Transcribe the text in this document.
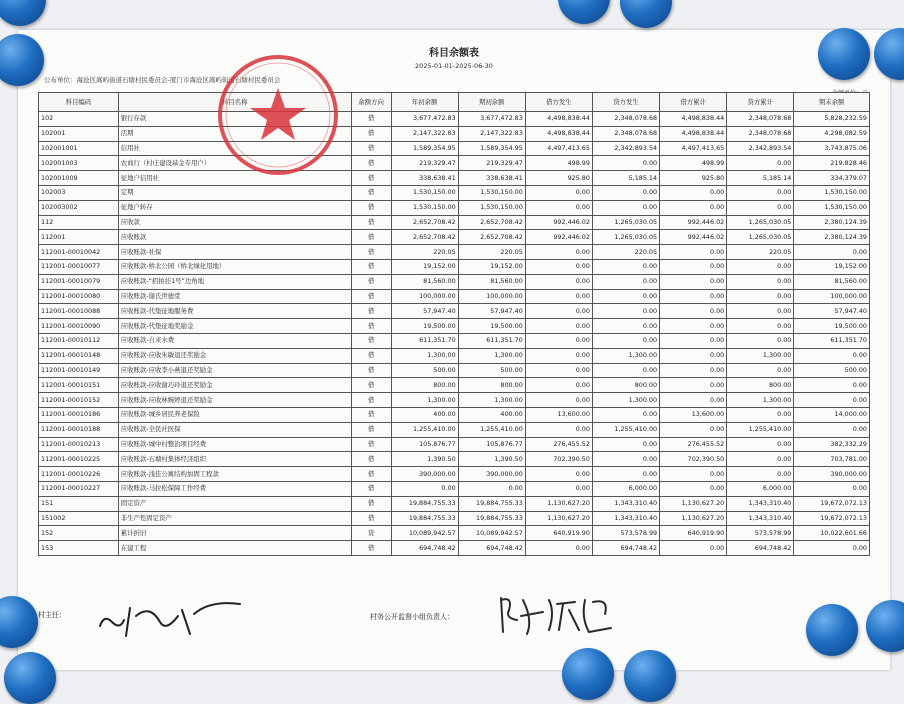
科目余额表
2025-01-01-2025-06-30
公布单位：海沧区嵩屿街道石塘村民委员会-厦门市海沧区嵩屿街道石塘村民委员会
科目编码	科目名称	余额方向	年初余额	期初余额	借方发生	贷方发生	借方累计	贷方累计	期末余额
102	银行存款	借	3,677,472.83	3,677,472.83	4,498,838.44	2,348,078.68	4,498,838.44	2,348,078.68	5,828,232.59
102001	活期	借	2,147,322.83	2,147,322.83	4,498,838.44	2,348,078.68	4,498,838.44	2,348,078.68	4,298,082.59
102001001	信用社	借	1,589,354.95	1,589,354.95	4,497,413.65	2,342,893.54	4,497,413.65	2,342,893.54	3,743,875.06
102001003	农商行（村庄建设基金专用户）	借	219,329.47	219,329.47	498.99	0.00	498.99	0.00	219,828.46
102001009	征地户信用社	借	338,638.41	338,638.41	925.80	5,185.14	925.80	5,185.14	334,379.07
102003	定期	借	1,530,150.00	1,530,150.00	0.00	0.00	0.00	0.00	1,530,150.00
102003002	征地户转存	借	1,530,150.00	1,530,150.00	0.00	0.00	0.00	0.00	1,530,150.00
112	应收款	借	2,652,708.42	2,652,708.42	992,446.02	1,265,030.05	992,446.02	1,265,030.05	2,380,124.39
112001	应收账款	借	2,652,708.42	2,652,708.42	992,446.02	1,265,030.05	992,446.02	1,265,030.05	2,380,124.39
112001-00010042	应收账款-社保	借	220.05	220.05	0.00	220.05	0.00	220.05	0.00
112001-00010077	应收账款-桥北公园（桥北绿化用地）	借	19,152.00	19,152.00	0.00	0.00	0.00	0.00	19,152.00
112001-00010079	应收账款-“招拍挂1号”边角地	借	81,560.00	81,560.00	0.00	0.00	0.00	0.00	81,560.00
112001-00010080	应收账款-谢氏世德堂	借	100,000.00	100,000.00	0.00	0.00	0.00	0.00	100,000.00
112001-00010088	应收账款-代垫征地服务费	借	57,947.40	57,947.40	0.00	0.00	0.00	0.00	57,947.40
112001-00010090	应收账款-代垫征地奖励金	借	19,500.00	19,500.00	0.00	0.00	0.00	0.00	19,500.00
112001-00010112	应收账款-自来水费	借	611,351.70	611,351.70	0.00	0.00	0.00	0.00	611,351.70
112001-00010148	应收账款-应收朱敏退还奖励金	借	1,300.00	1,300.00	0.00	1,300.00	0.00	1,300.00	0.00
112001-00010149	应收账款-应收李小燕退还奖励金	借	500.00	500.00	0.00	0.00	0.00	0.00	500.00
112001-00010151	应收账款-应收谢巧玲退还奖励金	借	800.00	800.00	0.00	800.00	0.00	800.00	0.00
112001-00010152	应收账款-应收林婉婷退还奖励金	借	1,300.00	1,300.00	0.00	1,300.00	0.00	1,300.00	0.00
112001-00010186	应收账款-城乡居民养老保险	借	400.00	400.00	13,600.00	0.00	13,600.00	0.00	14,000.00
112001-00010188	应收账款-全民社医保	借	1,255,410.00	1,255,410.00	0.00	1,255,410.00	0.00	1,255,410.00	0.00
112001-00010213	应收账款-城中村整治项目经费	借	105,876.77	105,876.77	276,455.52	0.00	276,455.52	0.00	382,332.29
112001-00010225	应收账款-石塘村集体经济组织	借	1,390.50	1,390.50	702,390.50	0.00	702,390.50	0.00	703,781.00
112001-00010226	应收账款-浅佳公寓结构加固工程款	借	390,000.00	390,000.00	0.00	0.00	0.00	0.00	390,000.00
112001-00010227	应收账款-马拉松保障工作经费	借	0.00	0.00	0.00	6,000.00	0.00	6,000.00	0.00
151	固定资产	借	19,884,755.33	19,884,755.33	1,130,627.20	1,343,310.40	1,130,627.20	1,343,310.40	19,672,072.13
151002	非生产性固定资产	借	19,884,755.33	19,884,755.33	1,130,627.20	1,343,310.40	1,130,627.20	1,343,310.40	19,672,072.13
152	累计折旧	贷	10,089,942.57	10,089,942.57	640,919.90	573,578.99	640,919.90	573,578.99	10,022,601.66
153	在建工程	借	694,748.42	694,748.42	0.00	694,748.42	0.00	694,748.42	0.00
村主任：	村务公开监督小组负责人：
